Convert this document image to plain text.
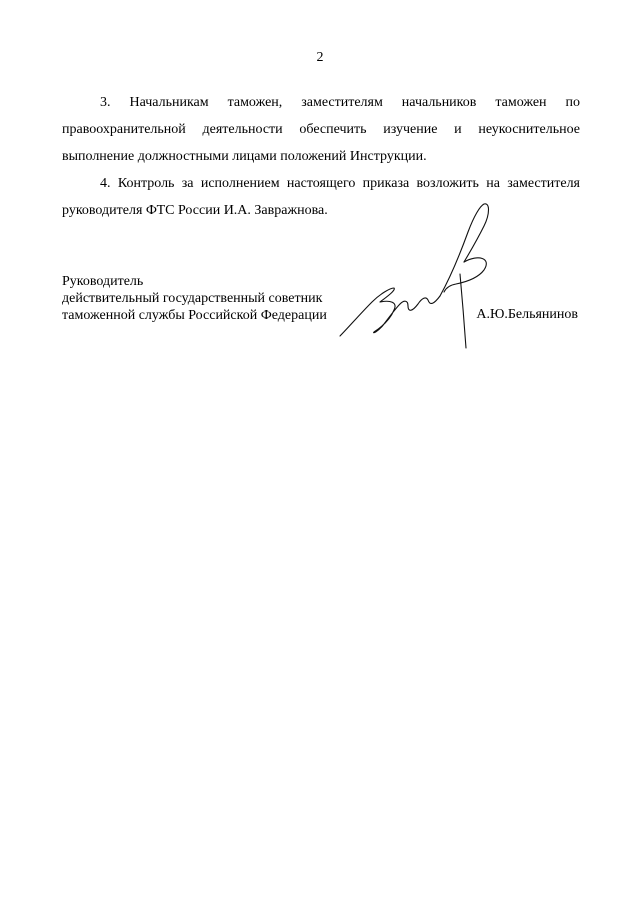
2

3. Начальникам таможен, заместителям начальников таможен по правоохранительной деятельности обеспечить изучение и неукоснительное выполнение должностными лицами положений Инструкции.

4. Контроль за исполнением настоящего приказа возложить на заместителя руководителя ФТС России И.А. Завражнова.

Руководитель
действительный государственный советник
таможенной службы Российской Федерации	А.Ю.Бельянинов
